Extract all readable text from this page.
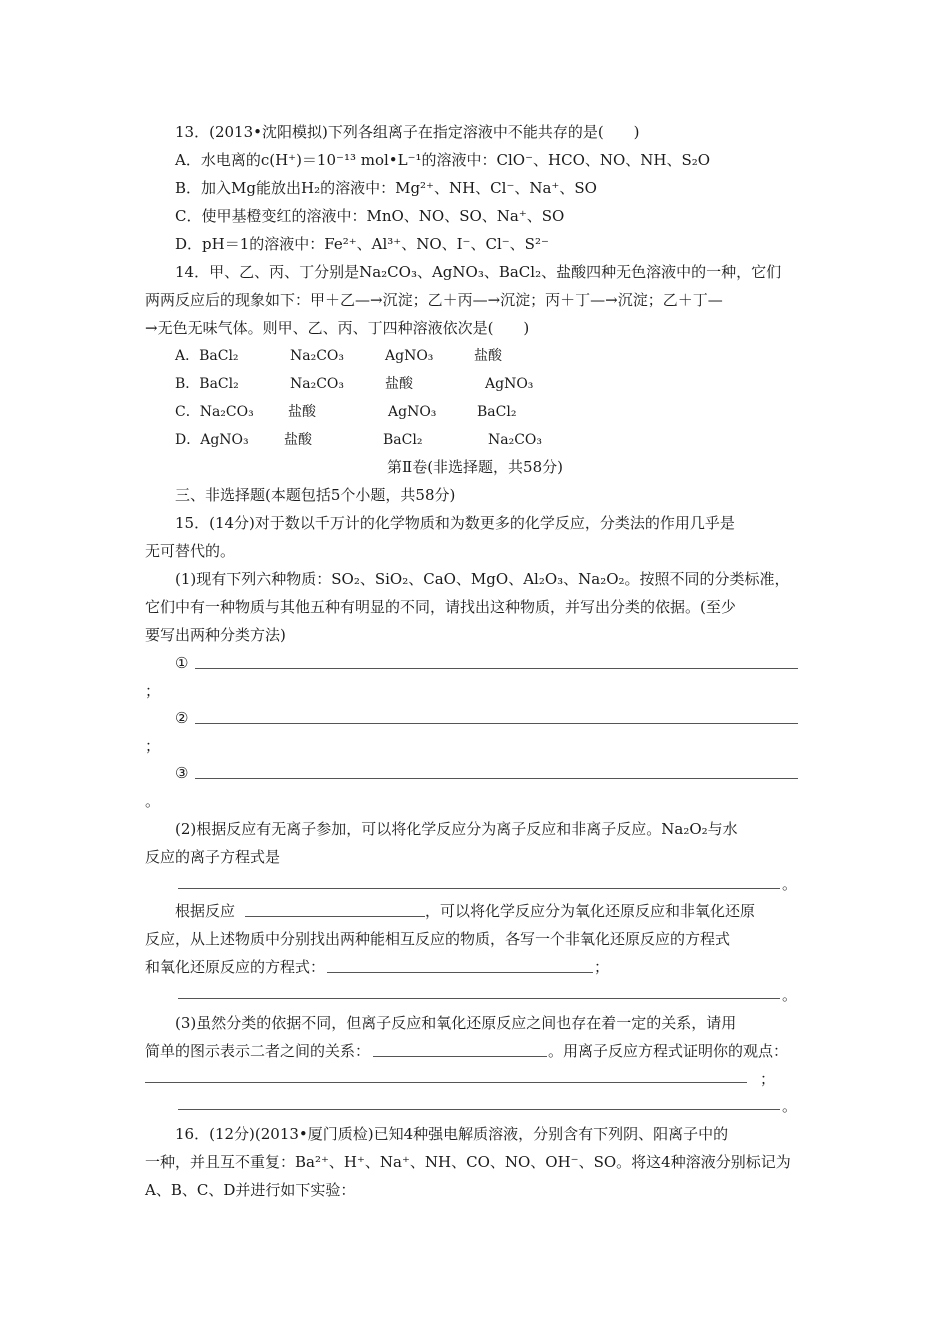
13．(2013•沈阳模拟)下列各组离子在指定溶液中不能共存的是(　　)
A．水电离的c(H⁺)＝10⁻¹³ mol•L⁻¹的溶液中：ClO⁻、HCO、NO、NH、S₂O
B．加入Mg能放出H₂的溶液中：Mg²⁺、NH、Cl⁻、Na⁺、SO
C．使甲基橙变红的溶液中：MnO、NO、SO、Na⁺、SO
D．pH＝1的溶液中：Fe²⁺、Al³⁺、NO、I⁻、Cl⁻、S²⁻
14．甲、乙、丙、丁分别是Na₂CO₃、AgNO₃、BaCl₂、盐酸四种无色溶液中的一种，它们
两两反应后的现象如下：甲＋乙—→沉淀；乙＋丙—→沉淀；丙＋丁—→沉淀；乙＋丁—
→无色无味气体。则甲、乙、丙、丁四种溶液依次是(　　)
A．BaCl₂	Na₂CO₃	AgNO₃	盐酸
B．BaCl₂	Na₂CO₃	盐酸	AgNO₃
C．Na₂CO₃ 盐酸	AgNO₃	BaCl₂
D．AgNO₃	盐酸	BaCl₂	Na₂CO₃
第Ⅱ卷(非选择题，共58分)
三、非选择题(本题包括5个小题，共58分)
15．(14分)对于数以千万计的化学物质和为数更多的化学反应，分类法的作用几乎是
无可替代的。
(1)现有下列六种物质：SO₂、SiO₂、CaO、MgO、Al₂O₃、Na₂O₂。按照不同的分类标准，
它们中有一种物质与其他五种有明显的不同，请找出这种物质，并写出分类的依据。(至少
要写出两种分类方法)
①
；
②
；
③
。
(2)根据反应有无离子参加，可以将化学反应分为离子反应和非离子反应。Na₂O₂与水
反应的离子方程式是
。
根据反应	，可以将化学反应分为氧化还原反应和非氧化还原
反应，从上述物质中分别找出两种能相互反应的物质，各写一个非氧化还原反应的方程式
和氧化还原反应的方程式：	；
。
(3)虽然分类的依据不同，但离子反应和氧化还原反应之间也存在着一定的关系，请用
简单的图示表示二者之间的关系：	。用离子反应方程式证明你的观点：
；
。
16．(12分)(2013•厦门质检)已知4种强电解质溶液，分别含有下列阴、阳离子中的
一种，并且互不重复：Ba²⁺、H⁺、Na⁺、NH、CO、NO、OH⁻、SO。将这4种溶液分别标记为
A、B、C、D并进行如下实验：
